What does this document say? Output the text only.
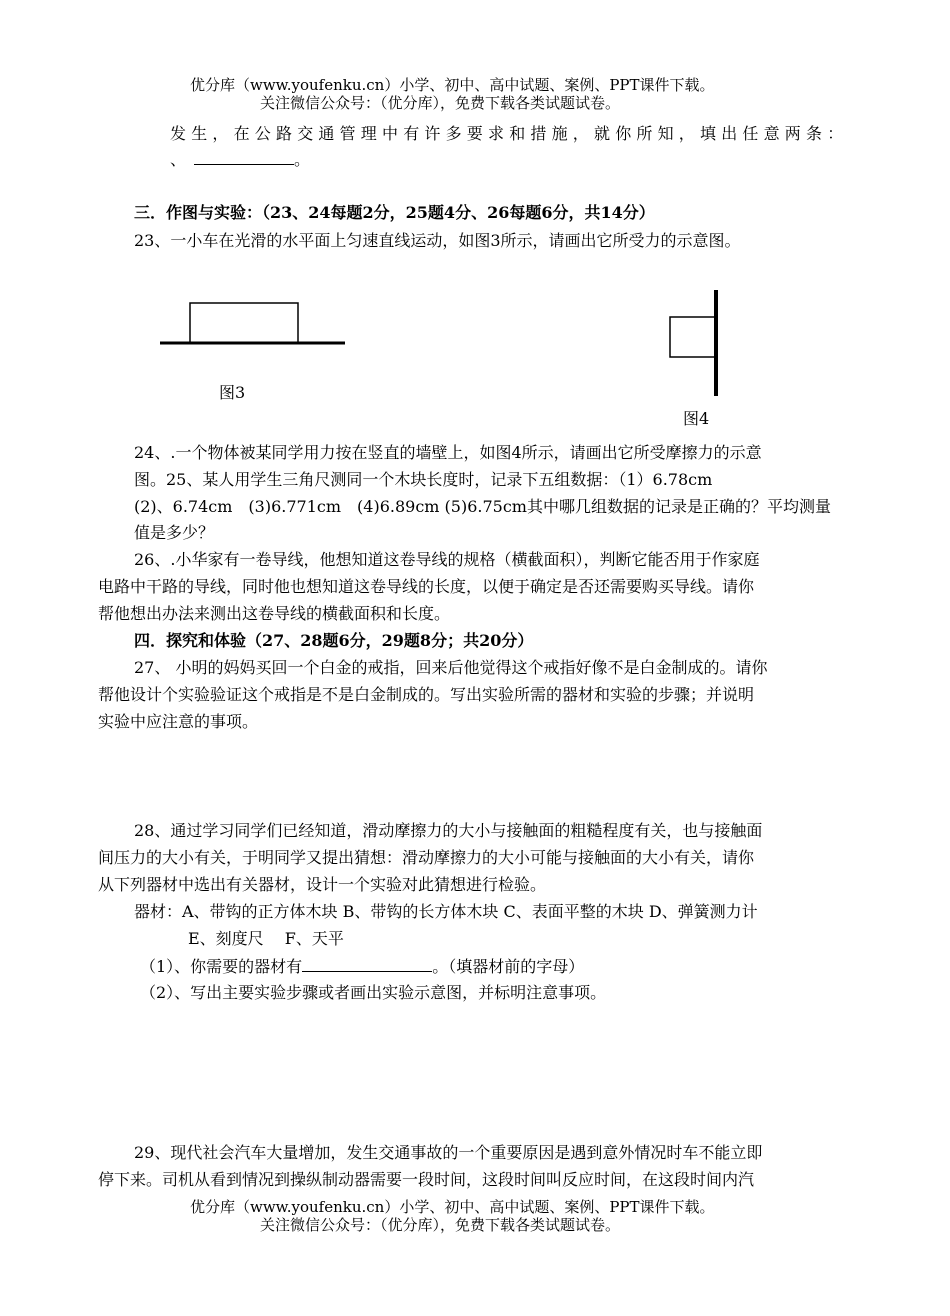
优分库（www.youfenku.cn）小学、初中、高中试题、案例、PPT课件下载。
关注微信公众号：（优分库），免费下载各类试题试卷。
发生，在公路交通管理中有许多要求和措施，就你所知，填出任意两条：
、	。
三．作图与实验：（23、24每题2分，25题4分、26每题6分，共14分）
23、一小车在光滑的水平面上匀速直线运动，如图3所示，请画出它所受力的示意图。
图3
图4
24、.一个物体被某同学用力按在竖直的墙壁上，如图4所示，请画出它所受摩擦力的示意
图。25、某人用学生三角尺测同一个木块长度时，记录下五组数据：（1）6.78cm
(2)、6.74cm　(3)6.771cm　(4)6.89cm (5)6.75cm其中哪几组数据的记录是正确的？平均测量
值是多少？
26、.小华家有一卷导线，他想知道这卷导线的规格（横截面积），判断它能否用于作家庭
电路中干路的导线，同时他也想知道这卷导线的长度，以便于确定是否还需要购买导线。请你
帮他想出办法来测出这卷导线的横截面积和长度。
四．探究和体验（27、28题6分，29题8分；共20分）
27、 小明的妈妈买回一个白金的戒指，回来后他觉得这个戒指好像不是白金制成的。请你
帮他设计个实验验证这个戒指是不是白金制成的。写出实验所需的器材和实验的步骤；并说明
实验中应注意的事项。
28、通过学习同学们已经知道，滑动摩擦力的大小与接触面的粗糙程度有关，也与接触面
间压力的大小有关，于明同学又提出猜想：滑动摩擦力的大小可能与接触面的大小有关，请你
从下列器材中选出有关器材，设计一个实验对此猜想进行检验。
器材：A、带钩的正方体木块 B、带钩的长方体木块 C、表面平整的木块 D、弹簧测力计
E、刻度尺　 F、天平
（1）、你需要的器材有	。（填器材前的字母）
（2）、写出主要实验步骤或者画出实验示意图，并标明注意事项。
29、现代社会汽车大量增加，发生交通事故的一个重要原因是遇到意外情况时车不能立即
停下来。司机从看到情况到操纵制动器需要一段时间，这段时间叫反应时间，在这段时间内汽
优分库（www.youfenku.cn）小学、初中、高中试题、案例、PPT课件下载。
关注微信公众号：（优分库），免费下载各类试题试卷。
